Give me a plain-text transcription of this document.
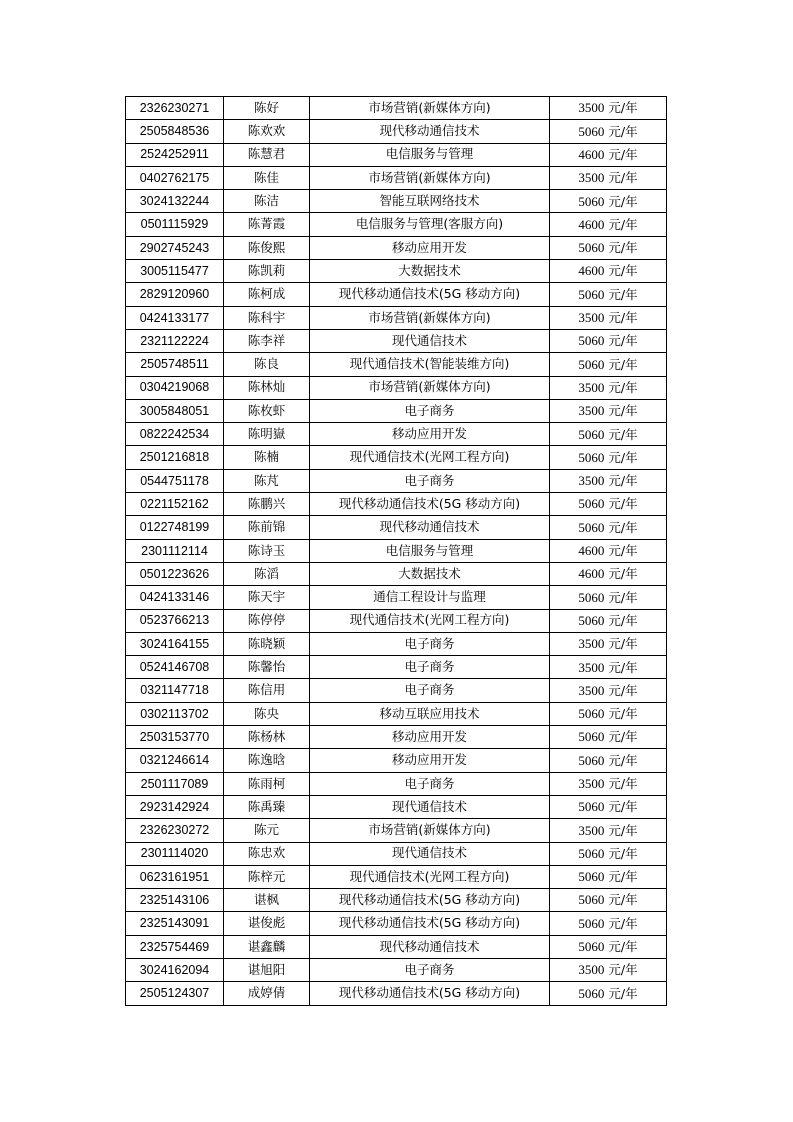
2326230271	陈好	市场营销(新媒体方向)	3500 元/年
2505848536	陈欢欢	现代移动通信技术	5060 元/年
2524252911	陈慧君	电信服务与管理	4600 元/年
0402762175	陈佳	市场营销(新媒体方向)	3500 元/年
3024132244	陈洁	智能互联网络技术	5060 元/年
0501115929	陈菁霞	电信服务与管理(客服方向)	4600 元/年
2902745243	陈俊熙	移动应用开发	5060 元/年
3005115477	陈凯莉	大数据技术	4600 元/年
2829120960	陈柯成	现代移动通信技术(5G 移动方向)	5060 元/年
0424133177	陈科宇	市场营销(新媒体方向)	3500 元/年
2321122224	陈李祥	现代通信技术	5060 元/年
2505748511	陈良	现代通信技术(智能装维方向)	5060 元/年
0304219068	陈林灿	市场营销(新媒体方向)	3500 元/年
3005848051	陈枚虾	电子商务	3500 元/年
0822242534	陈明嶽	移动应用开发	5060 元/年
2501216818	陈楠	现代通信技术(光网工程方向)	5060 元/年
0544751178	陈芃	电子商务	3500 元/年
0221152162	陈鹏兴	现代移动通信技术(5G 移动方向)	5060 元/年
0122748199	陈前锦	现代移动通信技术	5060 元/年
2301112114	陈诗玉	电信服务与管理	4600 元/年
0501223626	陈滔	大数据技术	4600 元/年
0424133146	陈天宇	通信工程设计与监理	5060 元/年
0523766213	陈停停	现代通信技术(光网工程方向)	5060 元/年
3024164155	陈晓颖	电子商务	3500 元/年
0524146708	陈馨怡	电子商务	3500 元/年
0321147718	陈信用	电子商务	3500 元/年
0302113702	陈央	移动互联应用技术	5060 元/年
2503153770	陈杨林	移动应用开发	5060 元/年
0321246614	陈逸晗	移动应用开发	5060 元/年
2501117089	陈雨柯	电子商务	3500 元/年
2923142924	陈禹臻	现代通信技术	5060 元/年
2326230272	陈元	市场营销(新媒体方向)	3500 元/年
2301114020	陈忠欢	现代通信技术	5060 元/年
0623161951	陈梓元	现代通信技术(光网工程方向)	5060 元/年
2325143106	谌枫	现代移动通信技术(5G 移动方向)	5060 元/年
2325143091	谌俊彪	现代移动通信技术(5G 移动方向)	5060 元/年
2325754469	谌鑫麟	现代移动通信技术	5060 元/年
3024162094	谌旭阳	电子商务	3500 元/年
2505124307	成婷倩	现代移动通信技术(5G 移动方向)	5060 元/年
